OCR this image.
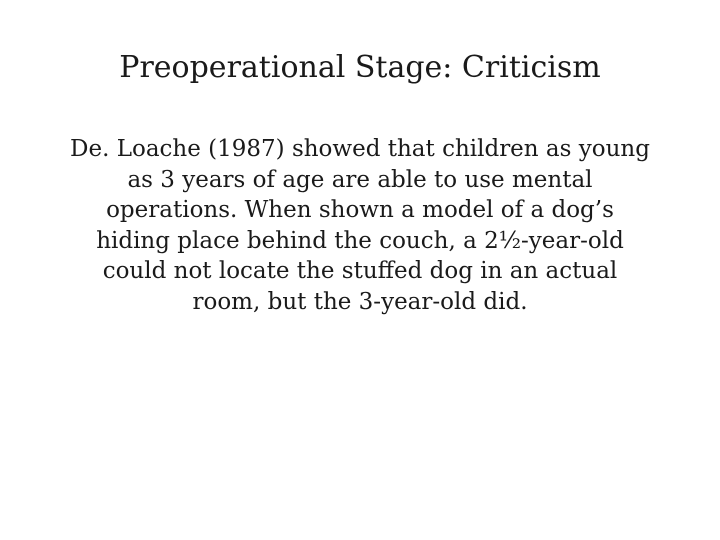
Preoperational Stage: Criticism

De. Loache (1987) showed that children as young
as 3 years of age are able to use mental
operations. When shown a model of a dog’s
hiding place behind the couch, a 2½-year-old
could not locate the stuffed dog in an actual
room, but the 3-year-old did.
